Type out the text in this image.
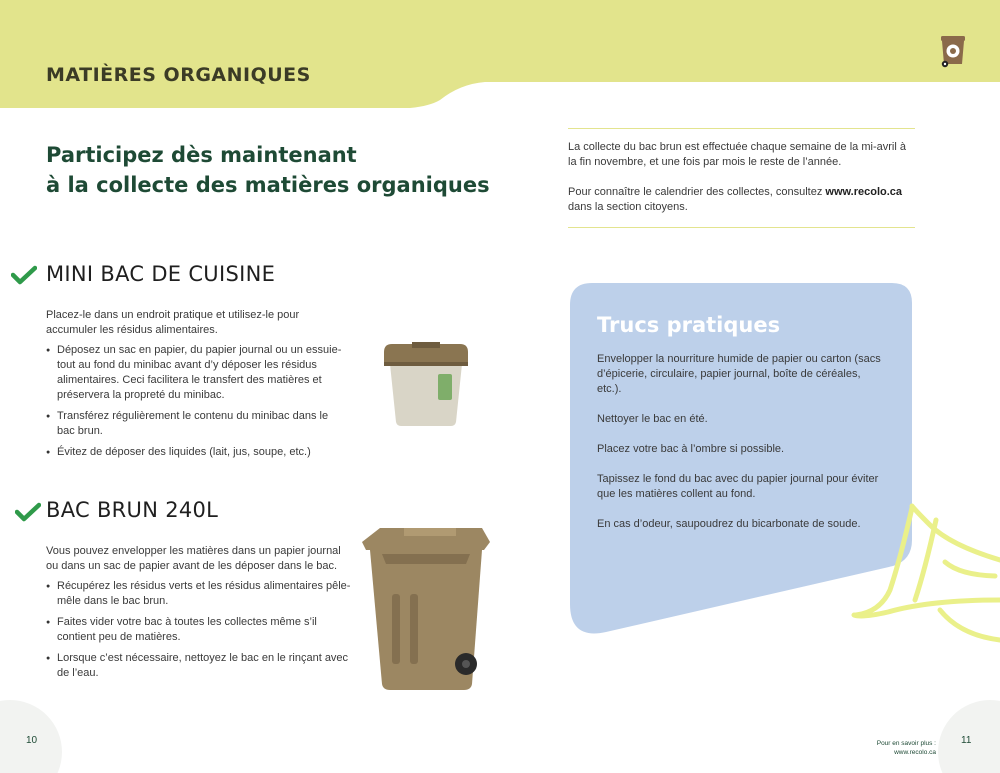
MATIÈRES ORGANIQUES
Participez dès maintenant
à la collecte des matières organiques

La collecte du bac brun est effectuée chaque semaine de la mi-avril à la fin novembre, et une fois par mois le reste de l’année.

Pour connaître le calendrier des collectes, consultez www.recolo.ca
dans la section citoyens.

MINI BAC DE CUISINE

Placez-le dans un endroit pratique et utilisez-le pour accumuler les résidus alimentaires.

● Déposez un sac en papier, du papier journal ou un essuie-tout au fond du minibac avant d’y déposer les résidus alimentaires. Ceci facilitera le transfert des matières et préservera la propreté du minibac.
● Transférez régulièrement le contenu du minibac dans le bac brun.
● Évitez de déposer des liquides (lait, jus, soupe, etc.)
BAC BRUN 240L

Vous pouvez envelopper les matières dans un papier journal ou dans un sac de papier avant de les déposer dans le bac.

● Récupérez les résidus verts et les résidus alimentaires pêle-mêle dans le bac brun.
● Faites vider votre bac à toutes les collectes même s’il contient peu de matières.
● Lorsque c’est nécessaire, nettoyez le bac en le rinçant avec de l’eau.
Trucs pratiques

Envelopper la nourriture humide de papier ou carton (sacs d’épicerie, circulaire, papier journal, boîte de céréales, etc.).

Nettoyer le bac en été.

Placez votre bac à l’ombre si possible.

Tapissez le fond du bac avec du papier journal pour éviter que les matières collent au fond.

En cas d’odeur, saupoudrez du bicarbonate de soude.

10	Pour en savoir plus :
www.recolo.ca
11
